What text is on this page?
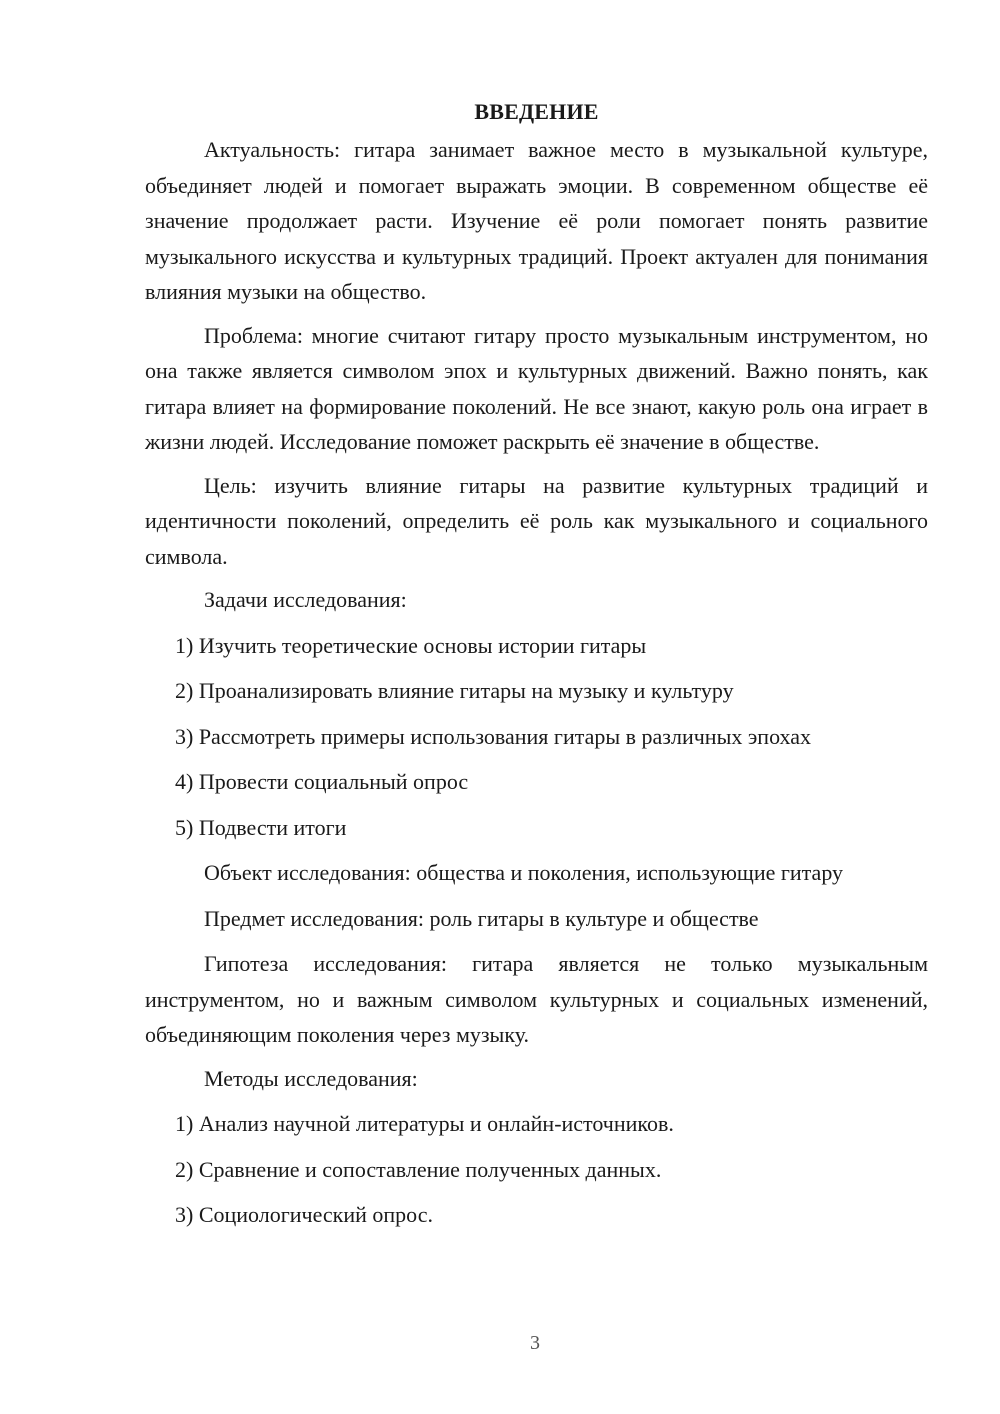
ВВЕДЕНИЕ

Актуальность: гитара занимает важное место в музыкальной культуре, объединяет людей и помогает выражать эмоции. В современном обществе её значение продолжает расти. Изучение её роли помогает понять развитие музыкального искусства и культурных традиций. Проект актуален для понимания влияния музыки на общество.

Проблема: многие считают гитару просто музыкальным инструментом, но она также является символом эпох и культурных движений. Важно понять, как гитара влияет на формирование поколений. Не все знают, какую роль она играет в жизни людей. Исследование поможет раскрыть её значение в обществе.

Цель: изучить влияние гитары на развитие культурных традиций и идентичности поколений, определить её роль как музыкального и социального символа.

Задачи исследования:
1) Изучить теоретические основы истории гитары
2) Проанализировать влияние гитары на музыку и культуру
3) Рассмотреть примеры использования гитары в различных эпохах
4) Провести социальный опрос
5) Подвести итоги
Объект исследования: общества и поколения, использующие гитару
Предмет исследования: роль гитары в культуре и обществе

Гипотеза исследования: гитара является не только музыкальным инструментом, но и важным символом культурных и социальных изменений, объединяющим поколения через музыку.

Методы исследования:
1) Анализ научной литературы и онлайн-источников.
2) Сравнение и сопоставление полученных данных.
3) Социологический опрос.
3
